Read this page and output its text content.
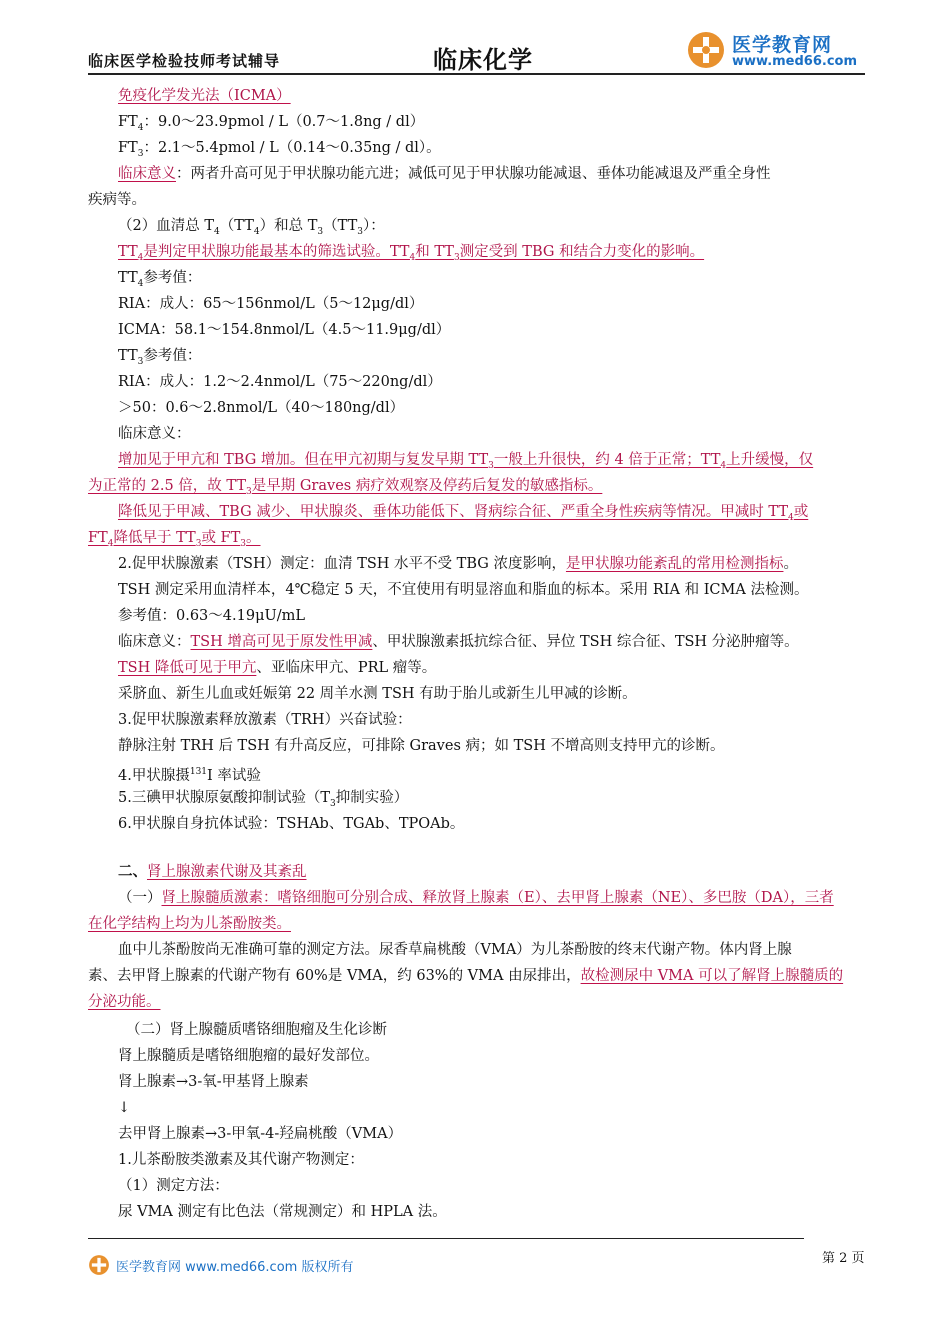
临床医学检验技师考试辅导	临床化学
医学教育网
www.med66.com
免疫化学发光法（ICMA）
$FT_4$：9.0～23.9pmol / L（0.7～1.8ng / dl）
$FT_3$：2.1～5.4pmol / L（0.14～0.35ng / dl）。
临床意义：两者升高可见于甲状腺功能亢进；减低可见于甲状腺功能减退、垂体功能减退及严重全身性
疾病等。
（2）血清总 $T_4(TT_4)$和总 $T_3(TT_3)$：
$TT_4$是判定甲状腺功能最基本的筛选试验。$TT_4$和 $TT_3$测定受到 TBG 和结合力变化的影响。
$TT_4$参考值：
RIA：成人：65～156nmol/L（5～12μg/dl）
ICMA：58.1～154.8nmol/L（4.5～11.9μg/dl）
$TT_3$参考值：
RIA：成人：1.2～2.4nmol/L（75～220ng/dl）
＞50：0.6～2.8nmol/L（40～180ng/dl）
临床意义：
增加见于甲亢和 TBG 增加。但在甲亢初期与复发早期 $TT_3$一般上升很快，约 4 倍于正常；$TT_4$上升缓慢，仅
为正常的 2.5 倍，故 $TT_3$是早期 Graves 病疗效观察及停药后复发的敏感指标。
降低见于甲减、TBG 减少、甲状腺炎、垂体功能低下、肾病综合征、严重全身性疾病等情况。甲减时 $TT_4$或
$FT_4$降低早于 $TT_3$或 $FT_3$。
2.促甲状腺激素（TSH）测定：血清 TSH 水平不受 TBG 浓度影响，是甲状腺功能紊乱的常用检测指标。
TSH 测定采用血清样本，4℃稳定 5 天，不宜使用有明显溶血和脂血的标本。采用 RIA 和 ICMA 法检测。
参考值：0.63～4.19μU/mL
临床意义：TSH 增高可见于原发性甲减、甲状腺激素抵抗综合征、异位 TSH 综合征、TSH 分泌肿瘤等。
TSH 降低可见于甲亢、亚临床甲亢、PRL 瘤等。
采脐血、新生儿血或妊娠第 22 周羊水测 TSH 有助于胎儿或新生儿甲减的诊断。
3.促甲状腺激素释放激素（TRH）兴奋试验：
静脉注射 TRH 后 TSH 有升高反应，可排除 Graves 病；如 TSH 不增高则支持甲亢的诊断。
4.甲状腺摄$^{131}$I 率试验
5.三碘甲状腺原氨酸抑制试验（$T_3$抑制实验）
6.甲状腺自身抗体试验：TSHAb、TGAb、TPOAb。
二、肾上腺激素代谢及其紊乱
（一）肾上腺髓质激素：嗜铬细胞可分别合成、释放肾上腺素（E）、去甲肾上腺素（NE）、多巴胺（DA），三者
在化学结构上均为儿茶酚胺类。
血中儿茶酚胺尚无准确可靠的测定方法。尿香草扁桃酸（VMA）为儿茶酚胺的终末代谢产物。体内肾上腺
素、去甲肾上腺素的代谢产物有 60%是 VMA，约 63%的 VMA 由尿排出，故检测尿中 VMA 可以了解肾上腺髓质的
分泌功能。
（二）肾上腺髓质嗜铬细胞瘤及生化诊断
肾上腺髓质是嗜铬细胞瘤的最好发部位。
肾上腺素→3-氧-甲基肾上腺素
↓
去甲肾上腺素→3-甲氧-4-羟扁桃酸（VMA）
1.儿茶酚胺类激素及其代谢产物测定：
（1）测定方法：
尿 VMA 测定有比色法（常规测定）和 HPLA 法。
医学教育网 www.med66.com 版权所有
第 2 页
